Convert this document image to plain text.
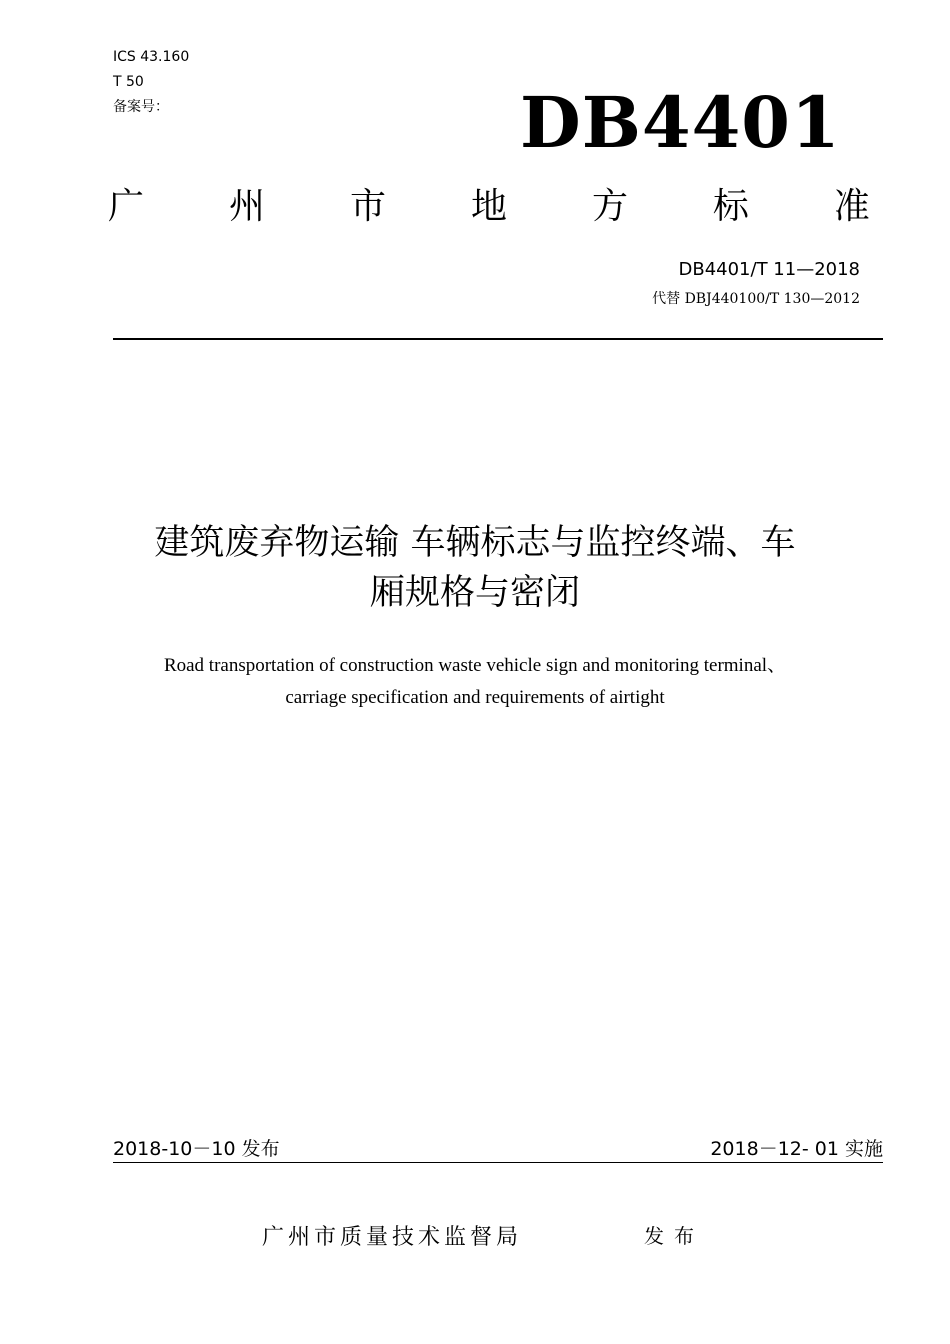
ICS 43.160
T 50
备案号：	DB4401
广 州 市 地 方 标 准
DB4401/T 11—2018
代替 DBJ440100/T 130—2012
建筑废弃物运输 车辆标志与监控终端、车
厢规格与密闭
Road transportation of construction waste vehicle sign and monitoring terminal、
carriage specification and requirements of airtight
2018-10－10 发布	2018－12- 01 实施
广州市质量技术监督局	发布
